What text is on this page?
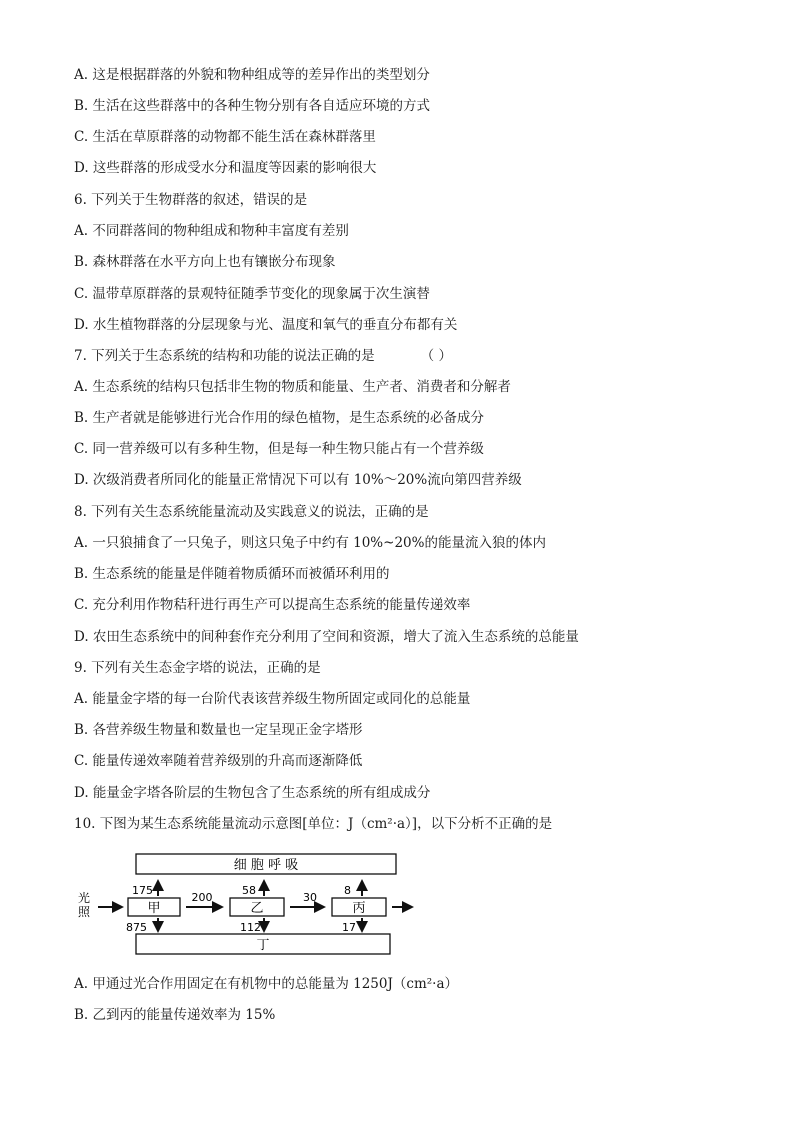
A. 这是根据群落的外貌和物种组成等的差异作出的类型划分
B. 生活在这些群落中的各种生物分别有各自适应环境的方式
C. 生活在草原群落的动物都不能生活在森林群落里
D. 这些群落的形成受水分和温度等因素的影响很大
6. 下列关于生物群落的叙述，错误的是
A. 不同群落间的物种组成和物种丰富度有差别
B. 森林群落在水平方向上也有镶嵌分布现象
C. 温带草原群落的景观特征随季节变化的现象属于次生演替
D. 水生植物群落的分层现象与光、温度和氧气的垂直分布都有关
7. 下列关于生态系统的结构和功能的说法正确的是	（ ）
A. 生态系统的结构只包括非生物的物质和能量、生产者、消费者和分解者
B. 生产者就是能够进行光合作用的绿色植物，是生态系统的必备成分
C. 同一营养级可以有多种生物，但是每一种生物只能占有一个营养级
D. 次级消费者所同化的能量正常情况下可以有 10%～20%流向第四营养级
8. 下列有关生态系统能量流动及实践意义的说法，正确的是
A. 一只狼捕食了一只兔子，则这只兔子中约有 10%~20%的能量流入狼的体内
B. 生态系统的能量是伴随着物质循环而被循环利用的
C. 充分利用作物秸秆进行再生产可以提高生态系统的能量传递效率
D. 农田生态系统中的间种套作充分利用了空间和资源，增大了流入生态系统的总能量
9. 下列有关生态金字塔的说法，正确的是
A. 能量金字塔的每一台阶代表该营养级生物所固定或同化的总能量
B. 各营养级生物量和数量也一定呈现正金字塔形
C. 能量传递效率随着营养级别的升高而逐渐降低
D. 能量金字塔各阶层的生物包含了生态系统的所有组成成分
10. 下图为某生态系统能量流动示意图[单位：J（cm²·a）]，以下分析不正确的是
A. 甲通过光合作用固定在有机物中的总能量为 1250J（cm²·a）
B. 乙到丙的能量传递效率为 15%
细 胞 呼 吸
丁
光
照	甲	乙	丙
200	30
175	58	8
875	112	17
